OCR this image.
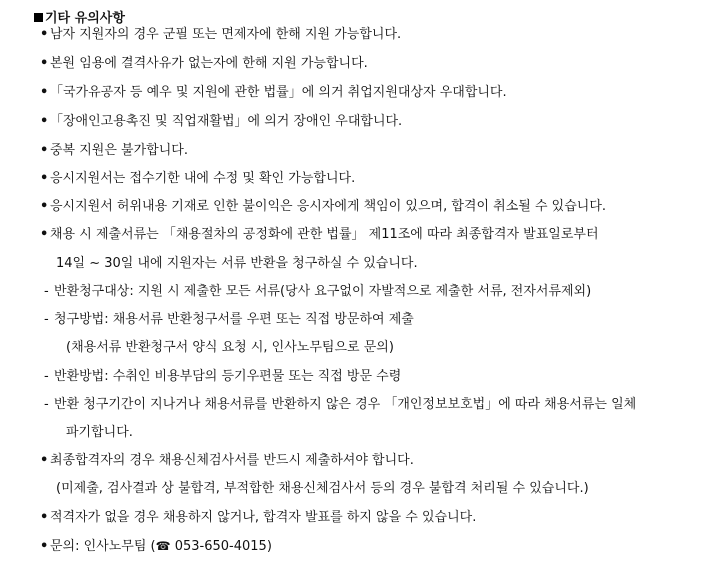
기타 유의사항
• 남자 지원자의 경우 군필 또는 면제자에 한해 지원 가능합니다.
• 본원 임용에 결격사유가 없는자에 한해 지원 가능합니다.
• 「국가유공자 등 예우 및 지원에 관한 법률」에 의거 취업지원대상자 우대합니다.
• 「장애인고용촉진 및 직업재활법」에 의거 장애인 우대합니다.
• 중복 지원은 불가합니다.
• 응시지원서는 접수기한 내에 수정 및 확인 가능합니다.
• 응시지원서 허위내용 기재로 인한 불이익은 응시자에게 책임이 있으며, 합격이 취소될 수 있습니다.
• 채용 시 제출서류는 「채용절차의 공정화에 관한 법률」 제11조에 따라 최종합격자 발표일로부터
14일 ~ 30일 내에 지원자는 서류 반환을 청구하실 수 있습니다.
- 반환청구대상: 지원 시 제출한 모든 서류(당사 요구없이 자발적으로 제출한 서류, 전자서류제외)
- 청구방법: 채용서류 반환청구서를 우편 또는 직접 방문하여 제출
(채용서류 반환청구서 양식 요청 시, 인사노무팀으로 문의)
- 반환방법: 수취인 비용부담의 등기우편물 또는 직접 방문 수령
- 반환 청구기간이 지나거나 채용서류를 반환하지 않은 경우 「개인정보보호법」에 따라 채용서류는 일체
파기합니다.
• 최종합격자의 경우 채용신체검사서를 반드시 제출하셔야 합니다.
(미제출, 검사결과 상 불합격, 부적합한 채용신체검사서 등의 경우 불합격 처리될 수 있습니다.)
• 적격자가 없을 경우 채용하지 않거나, 합격자 발표를 하지 않을 수 있습니다.
• 문의: 인사노무팀 (☎ 053-650-4015)
